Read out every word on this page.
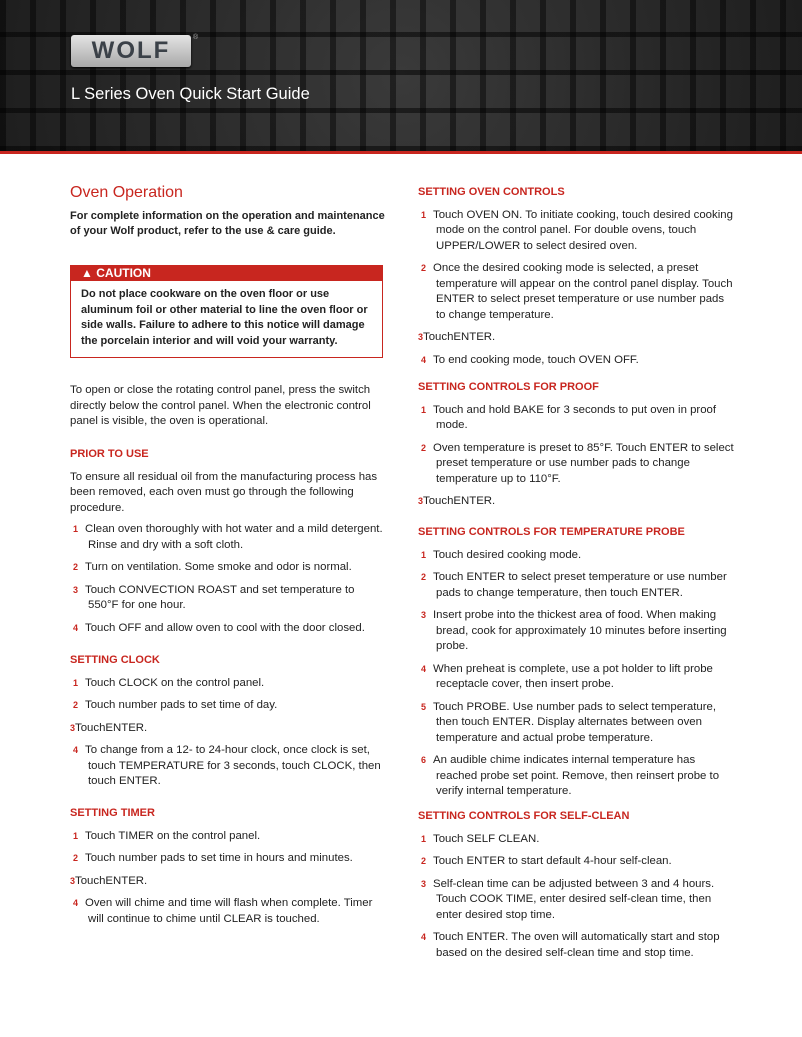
WOLF	®
L Series Oven Quick Start Guide
Oven Operation

For complete information on the operation and maintenance of your Wolf product, refer to the use & care guide.

▲ CAUTION
Do not place cookware on the oven floor or use aluminum foil or other material to line the oven floor or side walls. Failure to adhere to this notice will damage the porcelain interior and will void your warranty.

To open or close the rotating control panel, press the switch directly below the control panel. When the electronic control panel is visible, the oven is operational.

PRIOR TO USE

To ensure all residual oil from the manufacturing process has been removed, each oven must go through the following procedure.

1 Clean oven thoroughly with hot water and a mild detergent. Rinse and dry with a soft cloth.
2 Turn on ventilation. Some smoke and odor is normal.
3 Touch CONVECTION ROAST and set temperature to 550°F for one hour.
4 Touch OFF and allow oven to cool with the door closed.
SETTING CLOCK
1 Touch CLOCK on the control panel.
2 Touch number pads to set time of day.
3TouchENTER.
4 To change from a 12- to 24-hour clock, once clock is set, touch TEMPERATURE for 3 seconds, touch CLOCK, then touch ENTER.
SETTING TIMER
1 Touch TIMER on the control panel.
2 Touch number pads to set time in hours and minutes.
3TouchENTER.
4 Oven will chime and time will flash when complete. Timer will continue to chime until CLEAR is touched.
SETTING OVEN CONTROLS
1 Touch OVEN ON. To initiate cooking, touch desired cooking mode on the control panel. For double ovens, touch UPPER/LOWER to select desired oven.
2 Once the desired cooking mode is selected, a preset temperature will appear on the control panel display. Touch ENTER to select preset temperature or use number pads to change temperature.
3TouchENTER.
4 To end cooking mode, touch OVEN OFF.
SETTING CONTROLS FOR PROOF
1 Touch and hold BAKE for 3 seconds to put oven in proof mode.
2 Oven temperature is preset to 85°F. Touch ENTER to select preset temperature or use number pads to change temperature up to 110°F.
3TouchENTER.
SETTING CONTROLS FOR TEMPERATURE PROBE
1 Touch desired cooking mode.
2 Touch ENTER to select preset temperature or use number pads to change temperature, then touch ENTER.
3 Insert probe into the thickest area of food. When making bread, cook for approximately 10 minutes before inserting probe.
4 When preheat is complete, use a pot holder to lift probe receptacle cover, then insert probe.
5 Touch PROBE. Use number pads to select temperature, then touch ENTER. Display alternates between oven temperature and actual probe temperature.
6 An audible chime indicates internal temperature has reached probe set point. Remove, then reinsert probe to verify internal temperature.
SETTING CONTROLS FOR SELF-CLEAN
1 Touch SELF CLEAN.
2 Touch ENTER to start default 4-hour self-clean.
3 Self-clean time can be adjusted between 3 and 4 hours. Touch COOK TIME, enter desired self-clean time, then enter desired stop time.
4 Touch ENTER. The oven will automatically start and stop based on the desired self-clean time and stop time.
